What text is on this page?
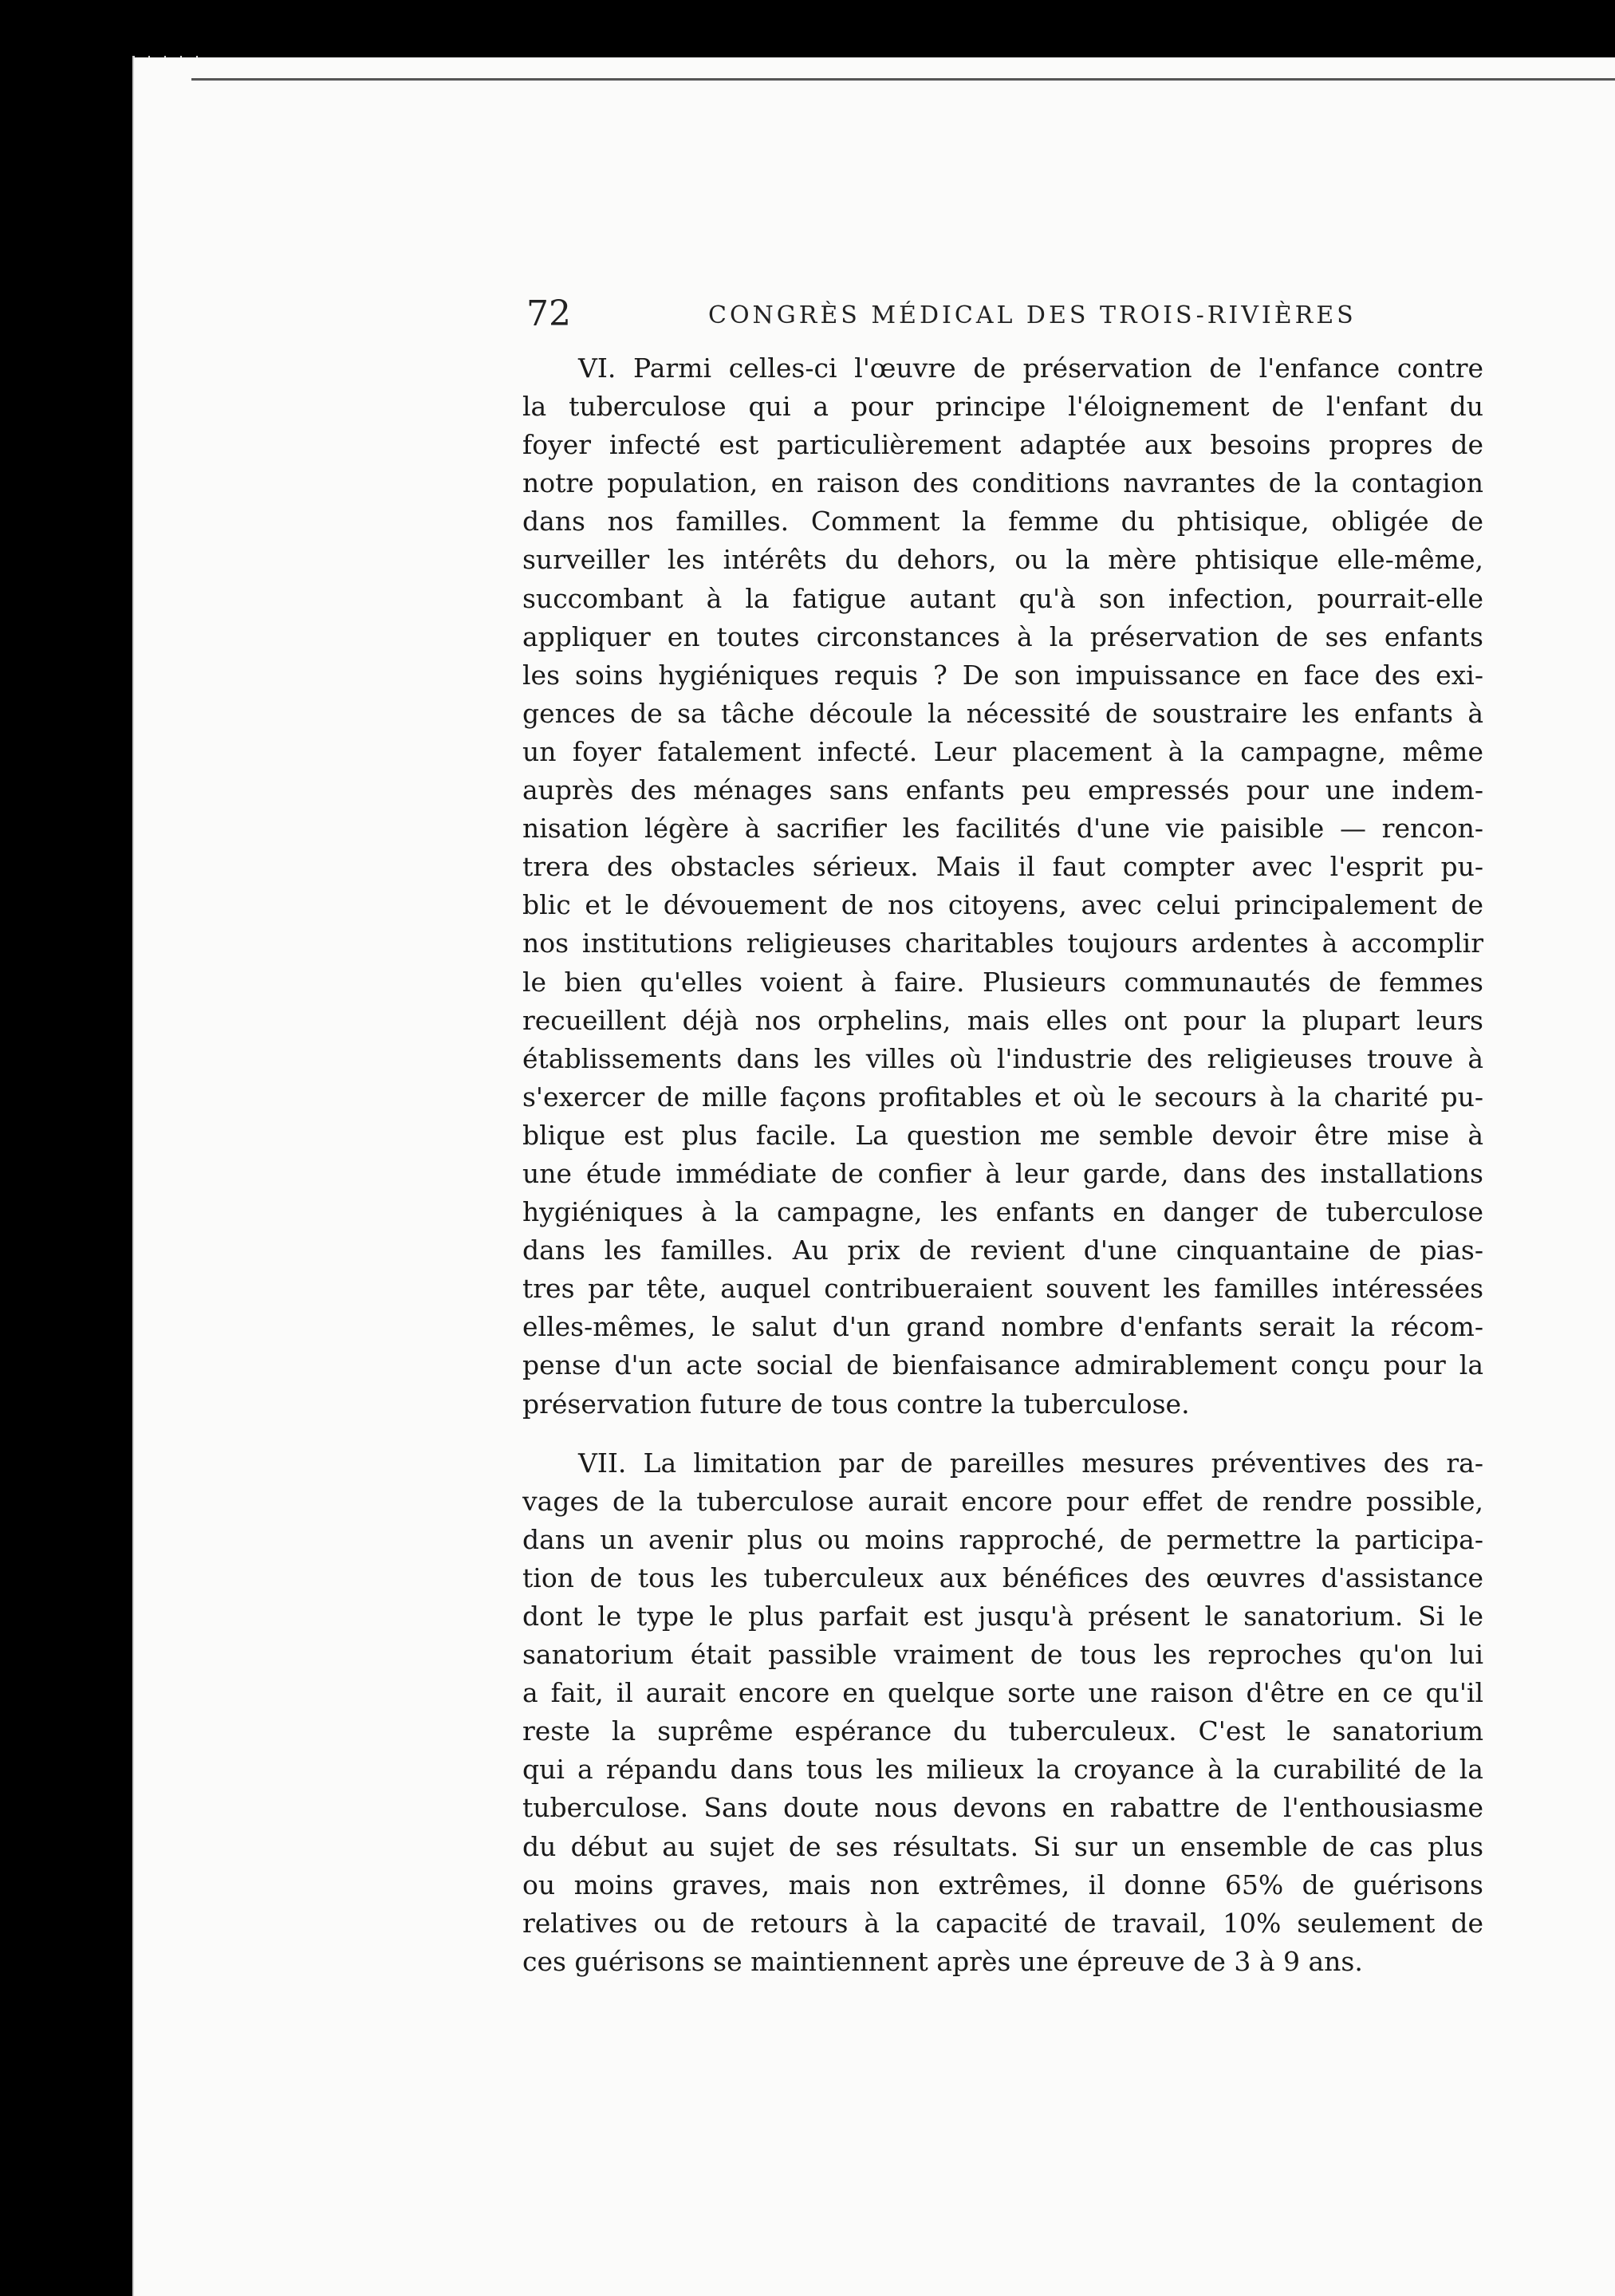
72	CONGRÈS MÉDICAL DES TROIS-RIVIÈRES
VI. Parmi celles-ci l'œuvre de préservation de l'enfance contre
la tuberculose qui a pour principe l'éloignement de l'enfant du
foyer infecté est particulièrement adaptée aux besoins propres de
notre population, en raison des conditions navrantes de la contagion
dans nos familles. Comment la femme du phtisique, obligée de
surveiller les intérêts du dehors, ou la mère phtisique elle-même,
succombant à la fatigue autant qu'à son infection, pourrait-elle
appliquer en toutes circonstances à la préservation de ses enfants
les soins hygiéniques requis ? De son impuissance en face des exi-
gences de sa tâche découle la nécessité de soustraire les enfants à
un foyer fatalement infecté. Leur placement à la campagne, même
auprès des ménages sans enfants peu empressés pour une indem-
nisation légère à sacrifier les facilités d'une vie paisible — rencon-
trera des obstacles sérieux. Mais il faut compter avec l'esprit pu-
blic et le dévouement de nos citoyens, avec celui principalement de
nos institutions religieuses charitables toujours ardentes à accomplir
le bien qu'elles voient à faire. Plusieurs communautés de femmes
recueillent déjà nos orphelins, mais elles ont pour la plupart leurs
établissements dans les villes où l'industrie des religieuses trouve à
s'exercer de mille façons profitables et où le secours à la charité pu-
blique est plus facile. La question me semble devoir être mise à
une étude immédiate de confier à leur garde, dans des installations
hygiéniques à la campagne, les enfants en danger de tuberculose
dans les familles. Au prix de revient d'une cinquantaine de pias-
tres par tête, auquel contribueraient souvent les familles intéressées
elles-mêmes, le salut d'un grand nombre d'enfants serait la récom-
pense d'un acte social de bienfaisance admirablement conçu pour la
préservation future de tous contre la tuberculose.
VII. La limitation par de pareilles mesures préventives des ra-
vages de la tuberculose aurait encore pour effet de rendre possible,
dans un avenir plus ou moins rapproché, de permettre la participa-
tion de tous les tuberculeux aux bénéfices des œuvres d'assistance
dont le type le plus parfait est jusqu'à présent le sanatorium. Si le
sanatorium était passible vraiment de tous les reproches qu'on lui
a fait, il aurait encore en quelque sorte une raison d'être en ce qu'il
reste la suprême espérance du tuberculeux. C'est le sanatorium
qui a répandu dans tous les milieux la croyance à la curabilité de la
tuberculose. Sans doute nous devons en rabattre de l'enthousiasme
du début au sujet de ses résultats. Si sur un ensemble de cas plus
ou moins graves, mais non extrêmes, il donne 65% de guérisons
relatives ou de retours à la capacité de travail, 10% seulement de
ces guérisons se maintiennent après une épreuve de 3 à 9 ans.
